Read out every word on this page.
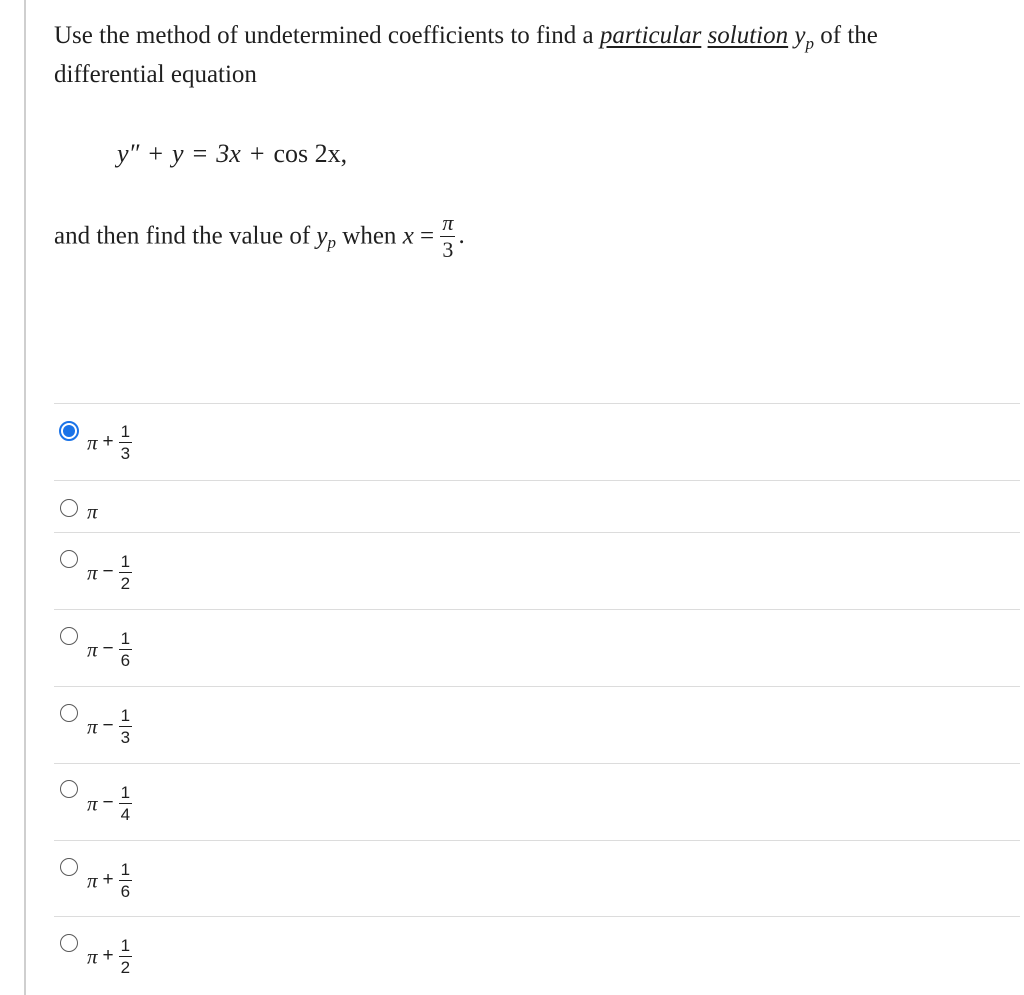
Use the method of undetermined coefficients to find a particular solution $y_p$ of the
differential equation
y″ + y = 3x + cos 2x,
and then find the value of $y_p$ when $x = \frac{\pi}{3}$ .
$\pi + \frac{1}{3}$
π
$\pi - \frac{1}{2}$
$\pi - \frac{1}{6}$
$\pi - \frac{1}{3}$
$\pi - \frac{1}{4}$
$\pi + \frac{1}{6}$
$\pi + \frac{1}{2}$
